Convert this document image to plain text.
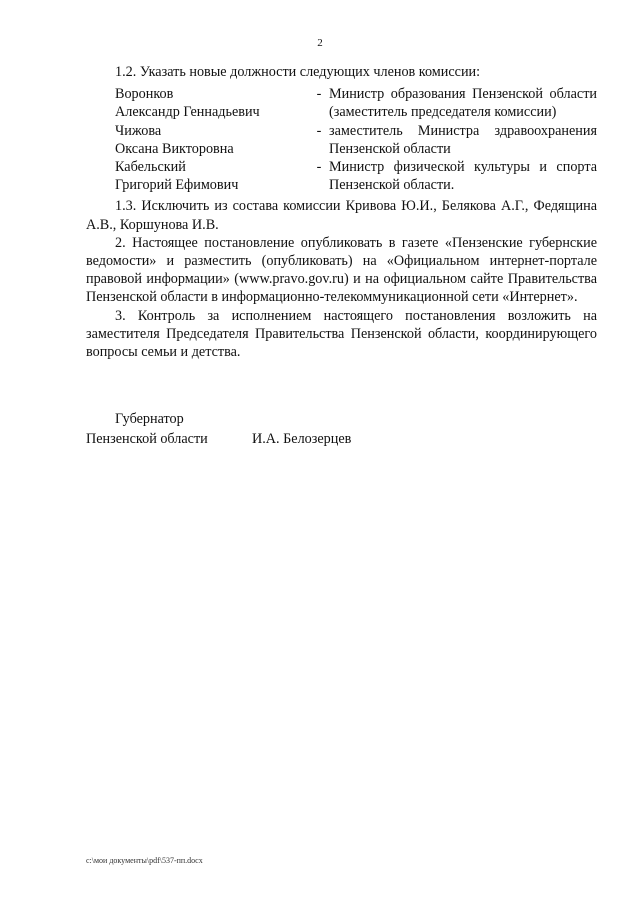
2

1.2. Указать новые должности следующих членов комиссии:

Воронков
Александр Геннадьевич	-	Министр образования Пензенской области (заместитель председателя комиссии)

Чижова
Оксана Викторовна	-	заместитель Министра здравоохранения Пензенской области

Кабельский
Григорий Ефимович	-	Министр физической культуры и спорта Пензенской области.

1.3. Исключить из состава комиссии Кривова Ю.И., Белякова А.Г., Федящина А.В., Коршунова И.В.

2. Настоящее постановление опубликовать в газете «Пензенские губернские ведомости» и разместить (опубликовать) на «Официальном интернет-портале правовой информации» (www.pravo.gov.ru) и на официальном сайте Правительства Пензенской области в информационно-телекоммуникационной сети «Интернет».

3. Контроль за исполнением настоящего постановления возложить на заместителя Председателя Правительства Пензенской области, координирующего вопросы семьи и детства.

Губернатор
Пензенской области	И.А. Белозерцев
c:\мои документы\pdf\537-пп.docx
